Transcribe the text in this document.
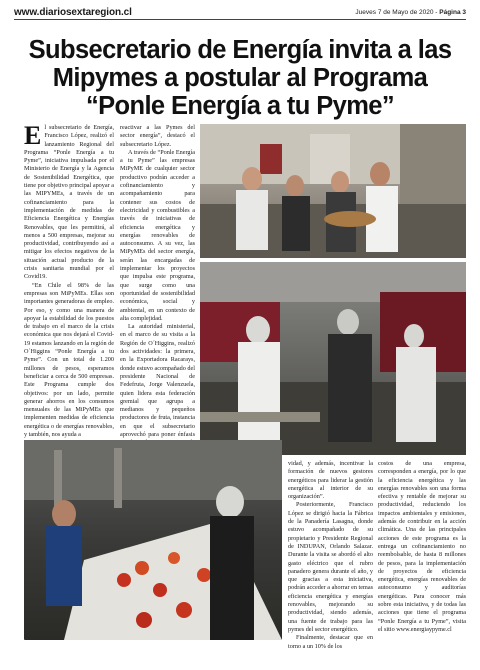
www.diariosextaregion.cl	Jueves 7 de Mayo de 2020 - Página 3
Subsecretario de Energía invita a las
Mipymes a postular al Programa
“Ponle Energía a tu Pyme”

El subsecretario de Energía, Francisco López, realizó el lanzamiento Regional del Programa “Ponle Energía a tu Pyme”, iniciativa impulsada por el Ministerio de Energía y la Agencia de Sostenibilidad Energética, que tiene por objetivo principal apoyar a las MIPYMEs, a través de un cofinanciamiento para la implementación de medidas de Eficiencia Energética y Energías Renovables, que les permitirá, al menos a 500 empresas, mejorar su productividad, contribuyendo así a mitigar los efectos negativos de la situación actual producto de la crisis sanitaria mundial por el Covid19.

“En Chile el 98% de las empresas son MiPyMEs. Ellas son importantes generadoras de empleo. Por eso, y como una manera de apoyar la estabilidad de los puestos de trabajo en el marco de la crisis económica que nos dejará el Covid-19 estamos lanzando en la región de O´Higgins “Ponle Energía a tu Pyme”. Con un total de 1.200 millones de pesos, esperamos beneficiar a cerca de 500 empresas. Este Programa cumple dos objetivos: por un lado, permite generar ahorros en los consumos mensuales de las MiPyMEs que implementen medidas de eficiencia energética o de energías renovables, y también, nos ayuda a

reactivar a las Pymes del sector energía”, destacó el subsecretario López.

A través de “Ponle Energía a tu Pyme” las empresas MiPyME de cualquier sector productivo podrán acceder a cofinanciamiento y acompañamiento para contener sus costos de electricidad y combustibles a través de iniciativas de eficiencia energética y energías renovables de autoconsumo. A su vez, las MiPyMEs del sector energía, serán las encargadas de implementar los proyectos que impulsa este programa, que surge como una oportunidad de sostenibilidad económica, social y ambiental, en un contexto de alta complejidad.

La autoridad ministerial, en el marco de su visita a la Región de O´Higgins, realizó dos actividades: la primera, en la Exportadora Racarays, donde estuvo acompañado del presidente Nacional de Fedefruta, Jorge Valenzuela, quien lidera esta federación gremial que agrupa a medianos y pequeños productores de fruta, instancia en que el subsecretario aprovechó para poner énfasis

vidad, y además, incentivar la formación de nuevos gestores energéticos para liderar la gestión energética al interior de su organización”.

Posteriormente, Francisco López se dirigió hacia la Fábrica de la Panadería Lasagna, donde estuvo acompañado de su propietario y Presidente Regional de INDUPAN, Orlando Salazar. Durante la visita se abordó el alto gasto eléctrico que el rubro panadero genera durante el año, y que gracias a esta iniciativa, podrán acceder a ahorrar en temas eficiencia energética y energías renovables, mejorando su productividad, siendo además, una fuente de trabajo para las pymes del sector energético.

Finalmente, destacar que en torno a un 10% de los

costos de una empresa, corresponden a energía, por lo que la eficiencia energética y las energías renovables son una forma efectiva y rentable de mejorar su productividad, reduciendo los impactos ambientales y emisiones, además de contribuir en la acción climática. Una de las principales acciones de este programa es la entrega un cofinanciamiento no reembolsable, de hasta 8 millones de pesos, para la implementación de proyectos de eficiencia energética, energías renovables de autoconsumo y auditorías energéticas. Para conocer más sobre esta iniciativa, y de todas las acciones que tiene el programa “Ponle Energía a tu Pyme”, visita el sitio www.energiaypyme.cl
